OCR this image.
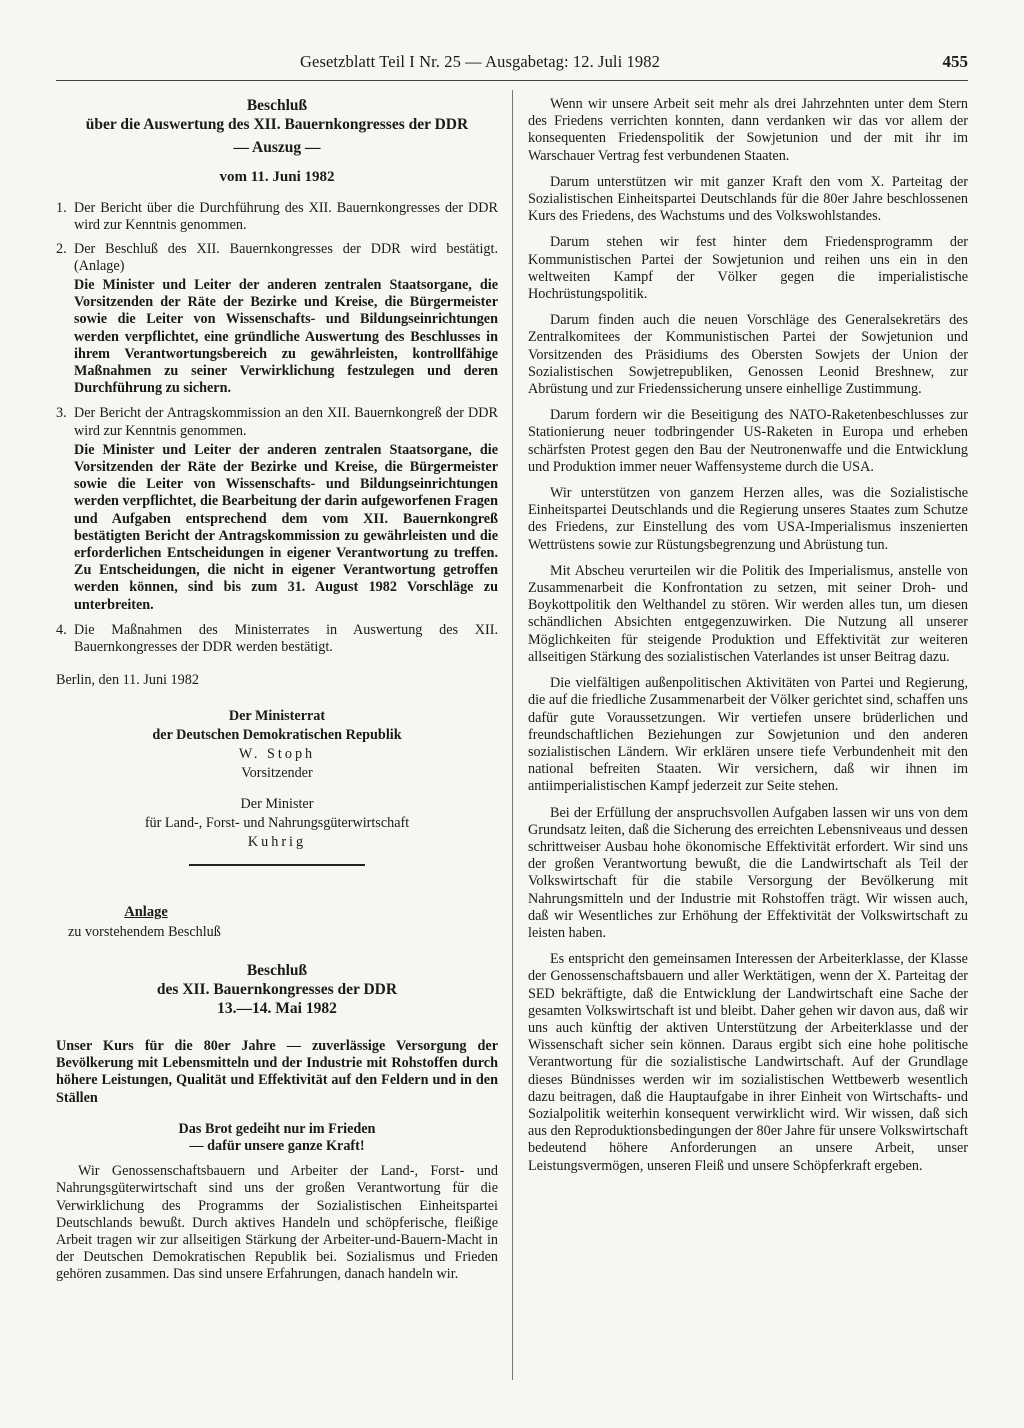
Gesetzblatt Teil I Nr. 25 — Ausgabetag: 12. Juli 1982	455
Beschluß
über die Auswertung des XII. Bauernkongresses der DDR
— Auszug —
vom 11. Juni 1982
1. Der Bericht über die Durchführung des XII. Bauernkongresses der DDR wird zur Kenntnis genommen.
2. Der Beschluß des XII. Bauernkongresses der DDR wird bestätigt. (Anlage)
Die Minister und Leiter der anderen zentralen Staatsorgane, die Vorsitzenden der Räte der Bezirke und Kreise, die Bürgermeister sowie die Leiter von Wissenschafts- und Bildungseinrichtungen werden verpflichtet, eine gründliche Auswertung des Beschlusses in ihrem Verantwortungsbereich zu gewährleisten, kontrollfähige Maßnahmen zu seiner Verwirklichung festzulegen und deren Durchführung zu sichern.
3. Der Bericht der Antragskommission an den XII. Bauernkongreß der DDR wird zur Kenntnis genommen.
Die Minister und Leiter der anderen zentralen Staatsorgane, die Vorsitzenden der Räte der Bezirke und Kreise, die Bürgermeister sowie die Leiter von Wissenschafts- und Bildungseinrichtungen werden verpflichtet, die Bearbeitung der darin aufgeworfenen Fragen und Aufgaben entsprechend dem vom XII. Bauernkongreß bestätigten Bericht der Antragskommission zu gewährleisten und die erforderlichen Entscheidungen in eigener Verantwortung zu treffen. Zu Entscheidungen, die nicht in eigener Verantwortung getroffen werden können, sind bis zum 31. August 1982 Vorschläge zu unterbreiten.
4. Die Maßnahmen des Ministerrates in Auswertung des XII. Bauernkongresses der DDR werden bestätigt.
Berlin, den 11. Juni 1982
Der Ministerrat
der Deutschen Demokratischen Republik
W. Stoph
Vorsitzender
Der Minister
für Land-, Forst- und Nahrungsgüterwirtschaft
Kuhrig
Anlage
zu vorstehendem Beschluß
Beschluß
des XII. Bauernkongresses der DDR
13.—14. Mai 1982
Unser Kurs für die 80er Jahre — zuverlässige Versorgung der Bevölkerung mit Lebensmitteln und der Industrie mit Rohstoffen durch höhere Leistungen, Qualität und Effektivität auf den Feldern und in den Ställen
Das Brot gedeiht nur im Frieden
— dafür unsere ganze Kraft!

Wir Genossenschaftsbauern und Arbeiter der Land-, Forst- und Nahrungsgüterwirtschaft sind uns der großen Verantwortung für die Verwirklichung des Programms der Sozialistischen Einheitspartei Deutschlands bewußt. Durch aktives Handeln und schöpferische, fleißige Arbeit tragen wir zur allseitigen Stärkung der Arbeiter-und-Bauern-Macht in der Deutschen Demokratischen Republik bei. Sozialismus und Frieden gehören zusammen. Das sind unsere Erfahrungen, danach handeln wir.

Wenn wir unsere Arbeit seit mehr als drei Jahrzehnten unter dem Stern des Friedens verrichten konnten, dann verdanken wir das vor allem der konsequenten Friedenspolitik der Sowjetunion und der mit ihr im Warschauer Vertrag fest verbundenen Staaten.

Darum unterstützen wir mit ganzer Kraft den vom X. Parteitag der Sozialistischen Einheitspartei Deutschlands für die 80er Jahre beschlossenen Kurs des Friedens, des Wachstums und des Volkswohlstandes.

Darum stehen wir fest hinter dem Friedensprogramm der Kommunistischen Partei der Sowjetunion und reihen uns ein in den weltweiten Kampf der Völker gegen die imperialistische Hochrüstungspolitik.

Darum finden auch die neuen Vorschläge des Generalsekretärs des Zentralkomitees der Kommunistischen Partei der Sowjetunion und Vorsitzenden des Präsidiums des Obersten Sowjets der Union der Sozialistischen Sowjetrepubliken, Genossen Leonid Breshnew, zur Abrüstung und zur Friedenssicherung unsere einhellige Zustimmung.

Darum fordern wir die Beseitigung des NATO-Raketenbeschlusses zur Stationierung neuer todbringender US-Raketen in Europa und erheben schärfsten Protest gegen den Bau der Neutronenwaffe und die Entwicklung und Produktion immer neuer Waffensysteme durch die USA.

Wir unterstützen von ganzem Herzen alles, was die Sozialistische Einheitspartei Deutschlands und die Regierung unseres Staates zum Schutze des Friedens, zur Einstellung des vom USA-Imperialismus inszenierten Wettrüstens sowie zur Rüstungsbegrenzung und Abrüstung tun.

Mit Abscheu verurteilen wir die Politik des Imperialismus, anstelle von Zusammenarbeit die Konfrontation zu setzen, mit seiner Droh- und Boykottpolitik den Welthandel zu stören. Wir werden alles tun, um diesen schändlichen Absichten entgegenzuwirken. Die Nutzung all unserer Möglichkeiten für steigende Produktion und Effektivität zur weiteren allseitigen Stärkung des sozialistischen Vaterlandes ist unser Beitrag dazu.

Die vielfältigen außenpolitischen Aktivitäten von Partei und Regierung, die auf die friedliche Zusammenarbeit der Völker gerichtet sind, schaffen uns dafür gute Voraussetzungen. Wir vertiefen unsere brüderlichen und freundschaftlichen Beziehungen zur Sowjetunion und den anderen sozialistischen Ländern. Wir erklären unsere tiefe Verbundenheit mit den national befreiten Staaten. Wir versichern, daß wir ihnen im antiimperialistischen Kampf jederzeit zur Seite stehen.

Bei der Erfüllung der anspruchsvollen Aufgaben lassen wir uns von dem Grundsatz leiten, daß die Sicherung des erreichten Lebensniveaus und dessen schrittweiser Ausbau hohe ökonomische Effektivität erfordert. Wir sind uns der großen Verantwortung bewußt, die die Landwirtschaft als Teil der Volkswirtschaft für die stabile Versorgung der Bevölkerung mit Nahrungsmitteln und der Industrie mit Rohstoffen trägt. Wir wissen auch, daß wir Wesentliches zur Erhöhung der Effektivität der Volkswirtschaft zu leisten haben.

Es entspricht den gemeinsamen Interessen der Arbeiterklasse, der Klasse der Genossenschaftsbauern und aller Werktätigen, wenn der X. Parteitag der SED bekräftigte, daß die Entwicklung der Landwirtschaft eine Sache der gesamten Volkswirtschaft ist und bleibt. Daher gehen wir davon aus, daß wir uns auch künftig der aktiven Unterstützung der Arbeiterklasse und der Wissenschaft sicher sein können. Daraus ergibt sich eine hohe politische Verantwortung für die sozialistische Landwirtschaft. Auf der Grundlage dieses Bündnisses werden wir im sozialistischen Wettbewerb wesentlich dazu beitragen, daß die Hauptaufgabe in ihrer Einheit von Wirtschafts- und Sozialpolitik weiterhin konsequent verwirklicht wird. Wir wissen, daß sich aus den Reproduktionsbedingungen der 80er Jahre für unsere Volkswirtschaft bedeutend höhere Anforderungen an unsere Arbeit, unser Leistungsvermögen, unseren Fleiß und unsere Schöpferkraft ergeben.
